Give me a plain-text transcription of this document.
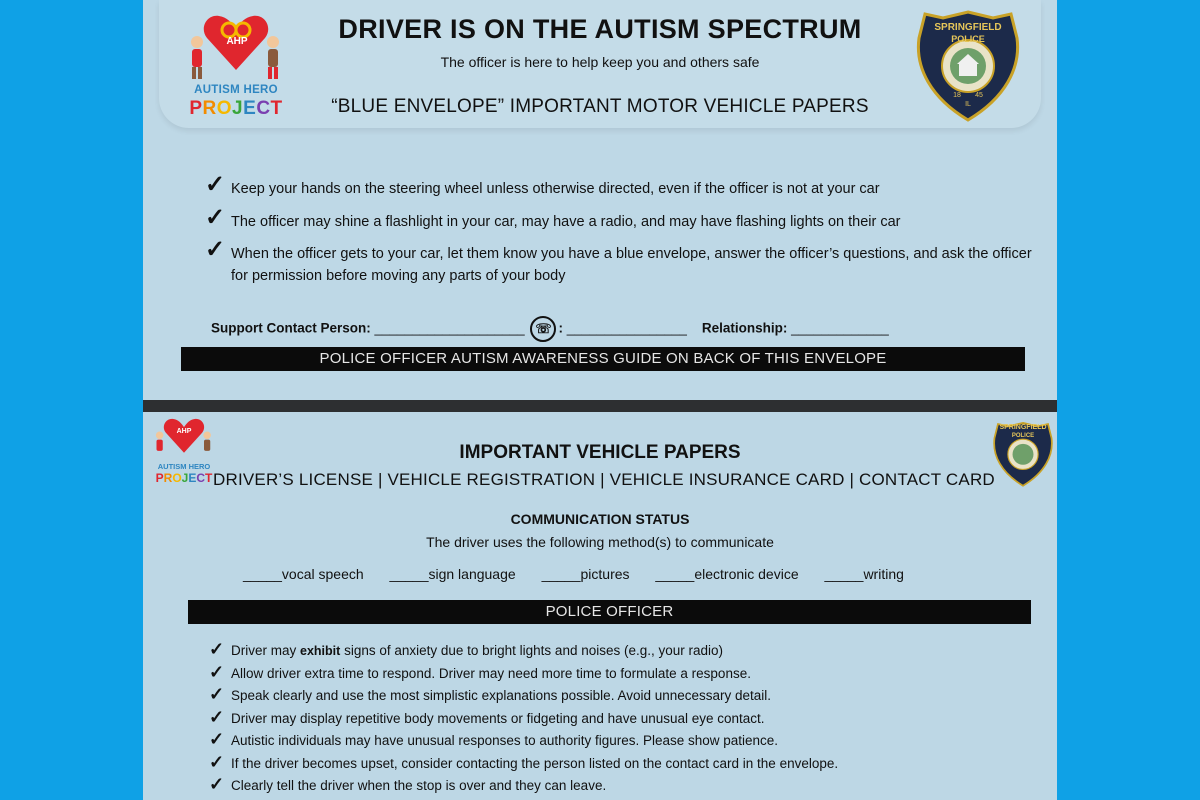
AHP
AUTISM HERO
PROJECT
DRIVER IS ON THE AUTISM SPECTRUM
The officer is here to help keep you and others safe
“BLUE ENVELOPE” IMPORTANT MOTOR VEHICLE PAPERS
SPRINGFIELD
POLICE
18	45
IL
✓ Keep your hands on the steering wheel unless otherwise directed, even if the officer is not at your car
✓ The officer may shine a flashlight in your car, may have a radio, and may have flashing lights on their car
✓ When the officer gets to your car, let them know you have a blue envelope, answer the officer’s questions, and ask the officer for permission before moving any parts of your body
Support Contact Person: ____________________ ☏ : ________________ Relationship: _____________
POLICE OFFICER AUTISM AWARENESS GUIDE ON BACK OF THIS ENVELOPE
AHP
AUTISM HERO
PROJECT
SPRINGFIELD
POLICE
IMPORTANT VEHICLE PAPERS
DRIVER’S LICENSE | VEHICLE REGISTRATION | VEHICLE INSURANCE CARD | CONTACT CARD
COMMUNICATION STATUS
The driver uses the following method(s) to communicate
_____vocal speech _____sign language _____pictures _____electronic device _____writing
POLICE OFFICER
✓ Driver may exhibit signs of anxiety due to bright lights and noises (e.g., your radio)
✓ Allow driver extra time to respond. Driver may need more time to formulate a response.
✓ Speak clearly and use the most simplistic explanations possible. Avoid unnecessary detail.
✓ Driver may display repetitive body movements or fidgeting and have unusual eye contact.
✓ Autistic individuals may have unusual responses to authority figures. Please show patience.
✓ If the driver becomes upset, consider contacting the person listed on the contact card in the envelope.
✓ Clearly tell the driver when the stop is over and they can leave.
